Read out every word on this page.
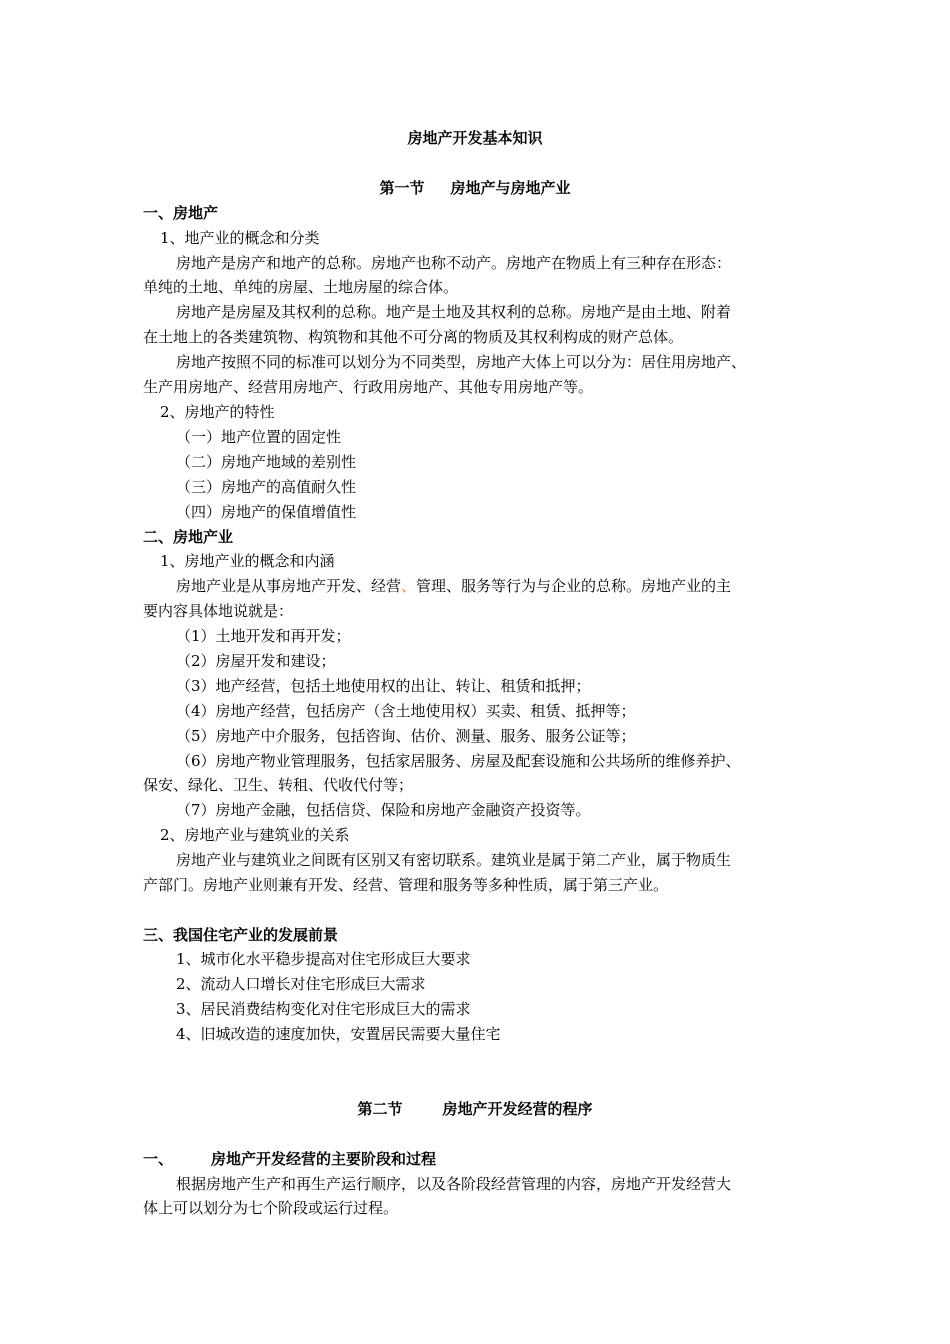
房地产开发基本知识
第一节 房地产与房地产业
一、房地产
1、地产业的概念和分类
房地产是房产和地产的总称。房地产也称不动产。房地产在物质上有三种存在形态：
单纯的土地、单纯的房屋、土地房屋的综合体。
房地产是房屋及其权利的总称。地产是土地及其权利的总称。房地产是由土地、附着
在土地上的各类建筑物、构筑物和其他不可分离的物质及其权利构成的财产总体。
房地产按照不同的标准可以划分为不同类型，房地产大体上可以分为：居住用房地产、
生产用房地产、经营用房地产、行政用房地产、其他专用房地产等。
2、房地产的特性
（一）地产位置的固定性
（二）房地产地域的差别性
（三）房地产的高值耐久性
（四）房地产的保值增值性
二、房地产业
1、房地产业的概念和内涵
房地产业是从事房地产开发、经营、管理、服务等行为与企业的总称。房地产业的主
要内容具体地说就是：
（1）土地开发和再开发；
（2）房屋开发和建设；
（3）地产经营，包括土地使用权的出让、转让、租赁和抵押；
（4）房地产经营，包括房产（含土地使用权）买卖、租赁、抵押等；
（5）房地产中介服务，包括咨询、估价、测量、服务、服务公证等；
（6）房地产物业管理服务，包括家居服务、房屋及配套设施和公共场所的维修养护、
保安、绿化、卫生、转租、代收代付等；
（7）房地产金融，包括信贷、保险和房地产金融资产投资等。
2、房地产业与建筑业的关系
房地产业与建筑业之间既有区别又有密切联系。建筑业是属于第二产业，属于物质生
产部门。房地产业则兼有开发、经营、管理和服务等多种性质，属于第三产业。
三、我国住宅产业的发展前景
1、城市化水平稳步提高对住宅形成巨大要求
2、流动人口增长对住宅形成巨大需求
3、居民消费结构变化对住宅形成巨大的需求
4、旧城改造的速度加快，安置居民需要大量住宅
第二节	房地产开发经营的程序
一、	房地产开发经营的主要阶段和过程
根据房地产生产和再生产运行顺序，以及各阶段经营管理的内容，房地产开发经营大
体上可以划分为七个阶段或运行过程。
